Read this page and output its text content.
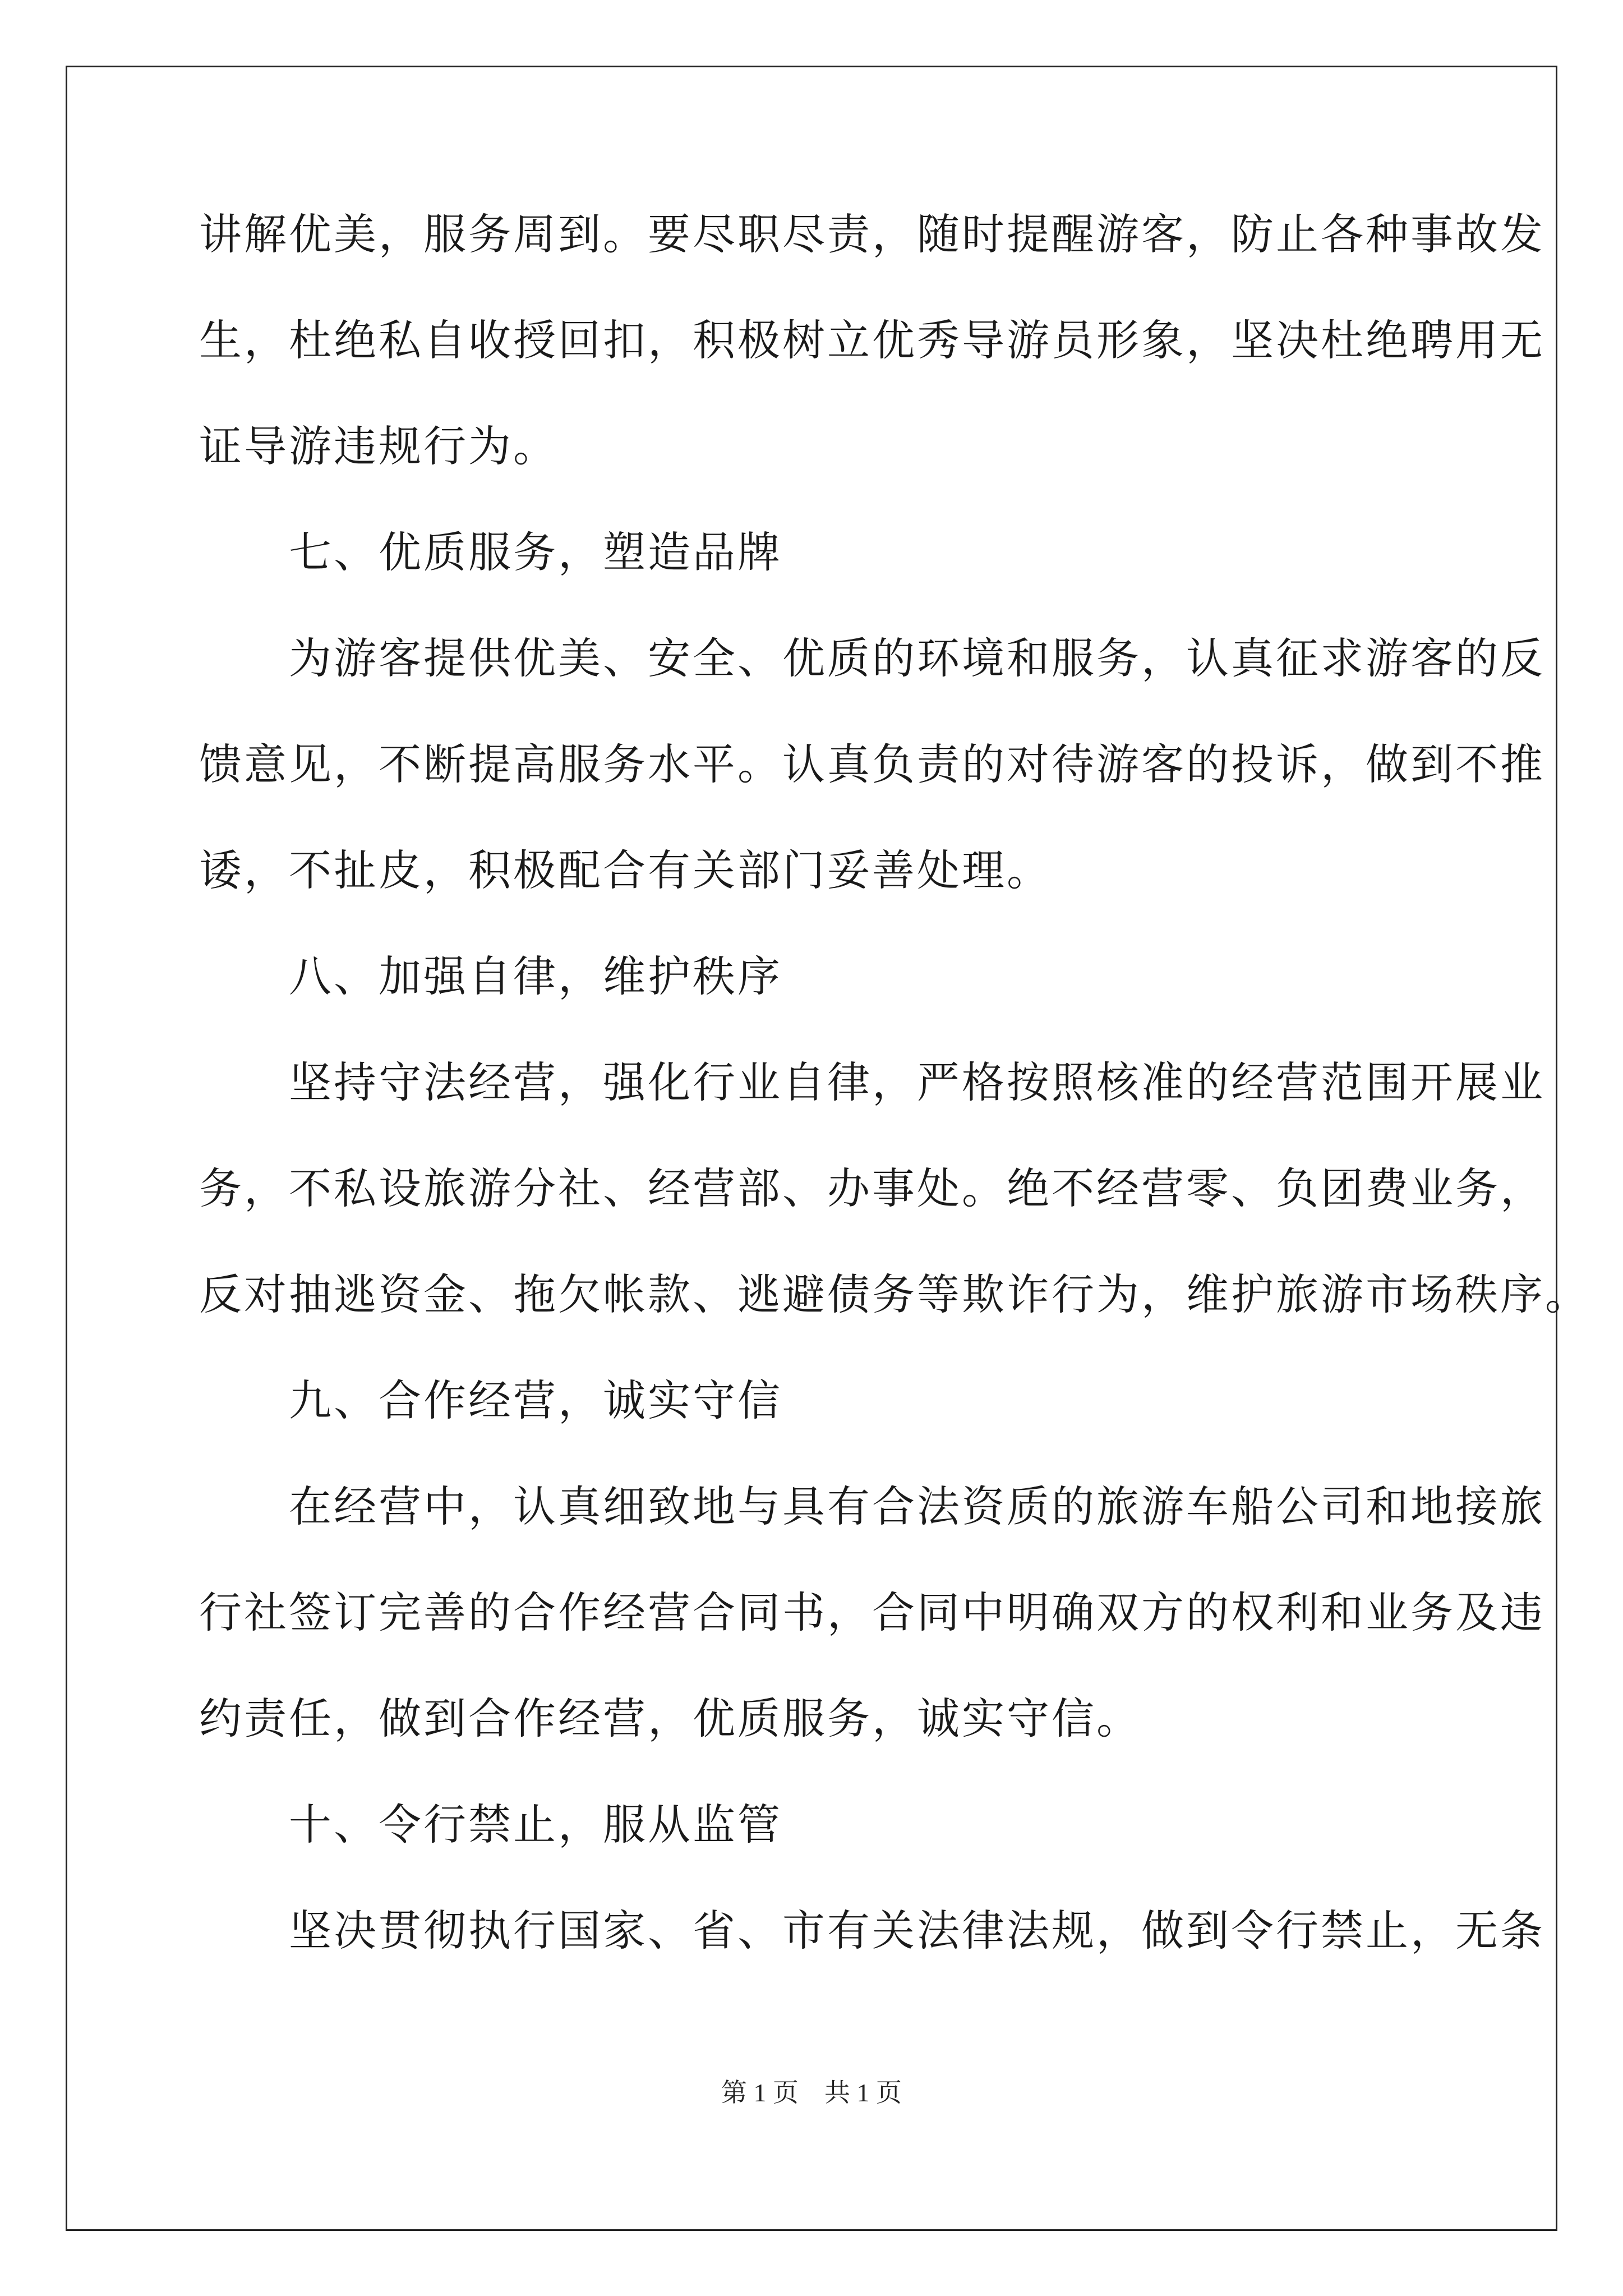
讲解优美，服务周到。要尽职尽责，随时提醒游客，防止各种事故发
生，杜绝私自收授回扣，积极树立优秀导游员形象，坚决杜绝聘用无
证导游违规行为。
　　七、优质服务，塑造品牌
　　为游客提供优美、安全、优质的环境和服务，认真征求游客的反
馈意见，不断提高服务水平。认真负责的对待游客的投诉，做到不推
诿，不扯皮，积极配合有关部门妥善处理。
　　八、加强自律，维护秩序
　　坚持守法经营，强化行业自律，严格按照核准的经营范围开展业
务，不私设旅游分社、经营部、办事处。绝不经营零、负团费业务，
反对抽逃资金、拖欠帐款、逃避债务等欺诈行为，维护旅游市场秩序。
　　九、合作经营，诚实守信
　　在经营中，认真细致地与具有合法资质的旅游车船公司和地接旅
行社签订完善的合作经营合同书，合同中明确双方的权利和业务及违
约责任，做到合作经营，优质服务，诚实守信。
　　十、令行禁止，服从监管
　　坚决贯彻执行国家、省、市有关法律法规，做到令行禁止，无条
第 1 页　共 1 页
